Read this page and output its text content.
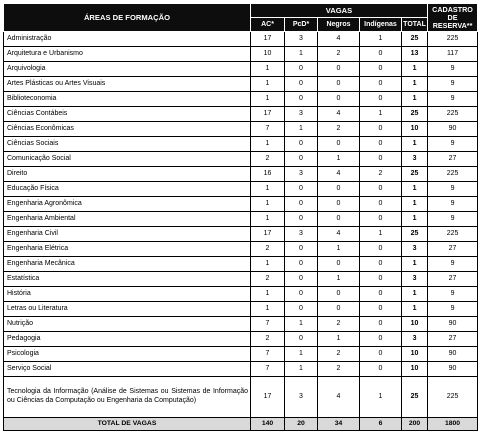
ÁREAS DE FORMAÇÃO	VAGAS					CADASTRO
DE
RESERVA**
	AC*	PcD*	Negros	Indígenas	TOTAL	
Administração	17	3	4	1	25	225
Arquitetura e Urbanismo	10	1	2	0	13	117
Arquivologia	1	0	0	0	1	9
Artes Plásticas ou Artes Visuais	1	0	0	0	1	9
Biblioteconomia	1	0	0	0	1	9
Ciências Contábeis	17	3	4	1	25	225
Ciências Econômicas	7	1	2	0	10	90
Ciências Sociais	1	0	0	0	1	9
Comunicação Social	2	0	1	0	3	27
Direito	16	3	4	2	25	225
Educação Física	1	0	0	0	1	9
Engenharia Agronômica	1	0	0	0	1	9
Engenharia Ambiental	1	0	0	0	1	9
Engenharia Civil	17	3	4	1	25	225
Engenharia Elétrica	2	0	1	0	3	27
Engenharia Mecânica	1	0	0	0	1	9
Estatística	2	0	1	0	3	27
História	1	0	0	0	1	9
Letras ou Literatura	1	0	0	0	1	9
Nutrição	7	1	2	0	10	90
Pedagogia	2	0	1	0	3	27
Psicologia	7	1	2	0	10	90
Serviço Social	7	1	2	0	10	90
Tecnologia da Informação (Análise de Sistemas ou Sistemas de Informação ou Ciências da Computação ou Engenharia da Computação)	17	3	4	1	25	225
TOTAL DE VAGAS	140	20	34	6	200	1800
